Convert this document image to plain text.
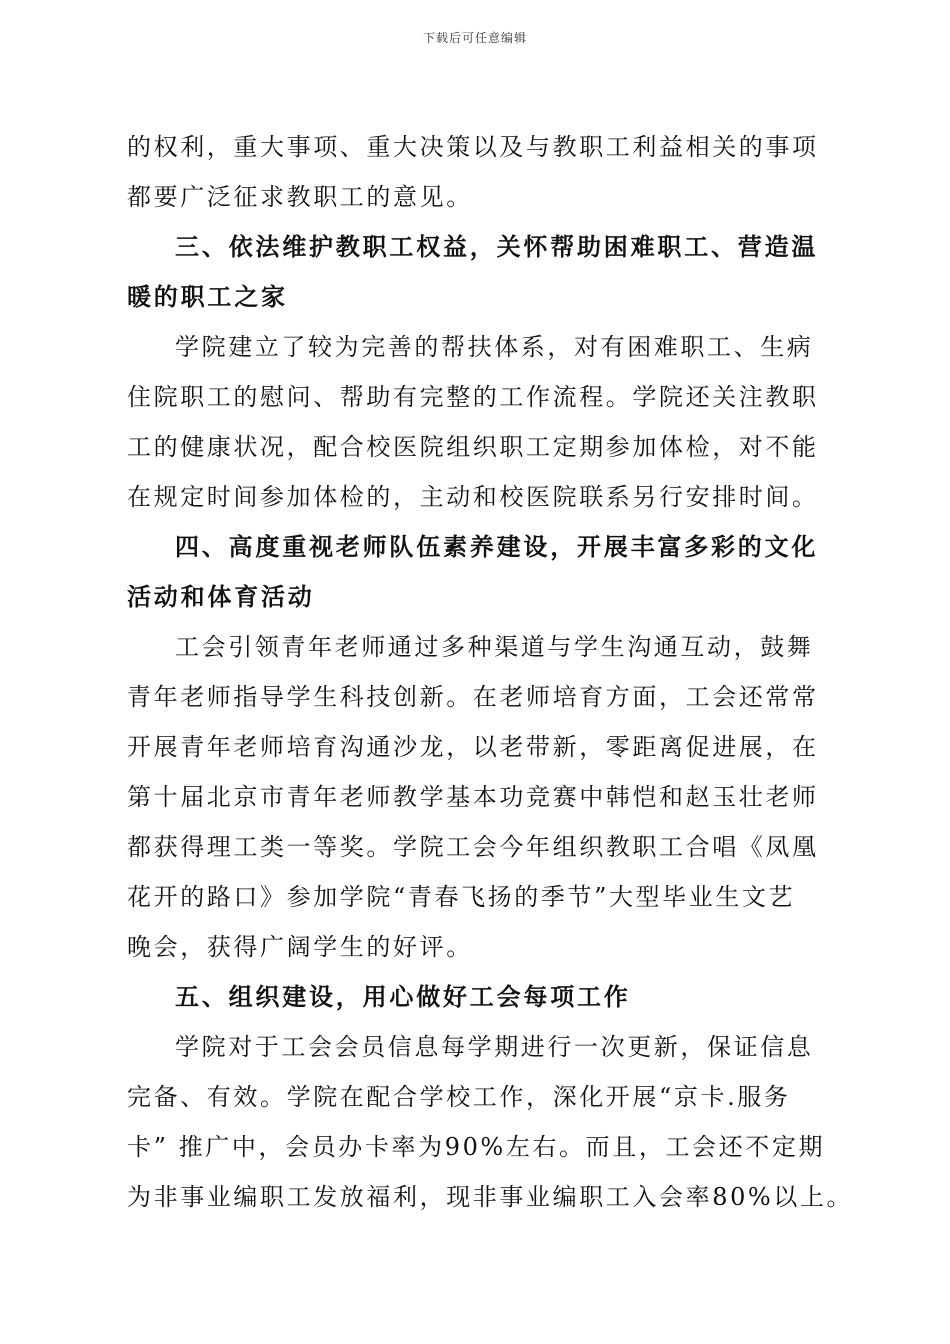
下载后可任意编辑
的权利，重大事项、重大决策以及与教职工利益相关的事项
都要广泛征求教职工的意见。
三、依法维护教职工权益，关怀帮助困难职工、营造温
暖的职工之家
学院建立了较为完善的帮扶体系，对有困难职工、生病
住院职工的慰问、帮助有完整的工作流程。学院还关注教职
工的健康状况，配合校医院组织职工定期参加体检，对不能
在规定时间参加体检的，主动和校医院联系另行安排时间。
四、高度重视老师队伍素养建设，开展丰富多彩的文化
活动和体育活动
工会引领青年老师通过多种渠道与学生沟通互动，鼓舞
青年老师指导学生科技创新。在老师培育方面，工会还常常
开展青年老师培育沟通沙龙，以老带新，零距离促进展，在
第十届北京市青年老师教学基本功竞赛中韩恺和赵玉壮老师
都获得理工类一等奖。学院工会今年组织教职工合唱《凤凰
花开的路口》参加学院“青春飞扬的季节”大型毕业生文艺
晚会，获得广阔学生的好评。
五、组织建设，用心做好工会每项工作
学院对于工会会员信息每学期进行一次更新，保证信息
完备、有效。学院在配合学校工作，深化开展“京卡.服务
卡” 推广中，会员办卡率为90%左右。而且，工会还不定期
为非事业编职工发放福利，现非事业编职工入会率80%以上。
